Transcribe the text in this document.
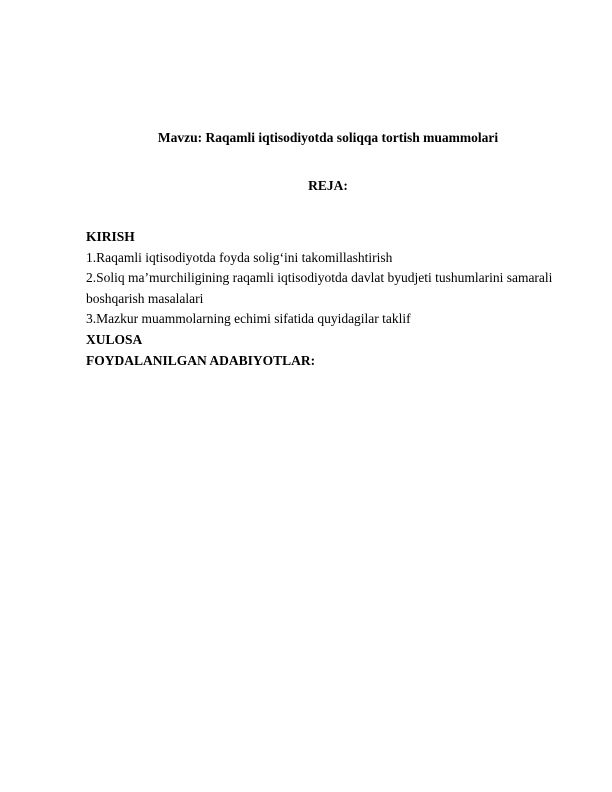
Mavzu: Raqamli iqtisodiyotda soliqqa tortish muammolari
REJA:
KIRISH
1.Raqamli iqtisodiyotda foyda solig‘ini takomillashtirish
2.Soliq ma’murchiligining raqamli iqtisodiyotda davlat byudjeti tushumlarini samarali
boshqarish masalalari
3.Mazkur muammolarning echimi sifatida quyidagilar taklif
XULOSA
FOYDALANILGAN ADABIYOTLAR:
